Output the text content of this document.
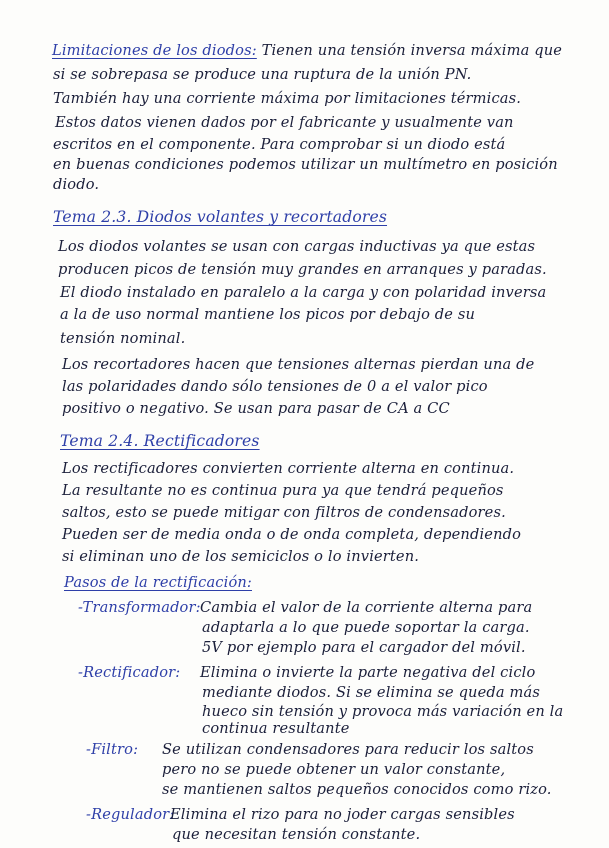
Limitaciones de los diodos: Tienen una tensión inversa máxima que
si se sobrepasa se produce una ruptura de la unión PN.
También hay una corriente máxima por limitaciones térmicas.
Estos datos vienen dados por el fabricante y usualmente van
escritos en el componente. Para comprobar si un diodo está
en buenas condiciones podemos utilizar un multímetro en posición
diodo.
Tema 2.3. Diodos volantes y recortadores
Los diodos volantes se usan con cargas inductivas ya que estas
producen picos de tensión muy grandes en arranques y paradas.
El diodo instalado en paralelo a la carga y con polaridad inversa
a la de uso normal mantiene los picos por debajo de su
tensión nominal.
Los recortadores hacen que tensiones alternas pierdan una de
las polaridades dando sólo tensiones de 0 a el valor pico
positivo o negativo. Se usan para pasar de CA a CC
Tema 2.4. Rectificadores
Los rectificadores convierten corriente alterna en continua.
La resultante no es continua pura ya que tendrá pequeños
saltos, esto se puede mitigar con filtros de condensadores.
Pueden ser de media onda o de onda completa, dependiendo
si eliminan uno de los semiciclos o lo invierten.
Pasos de la rectificación:
-Transformador:Cambia el valor de la corriente alterna para
adaptarla a lo que puede soportar la carga.
5V por ejemplo para el cargador del móvil.
-Rectificador: Elimina o invierte la parte negativa del ciclo
mediante diodos. Si se elimina se queda más
hueco sin tensión y provoca más variación en la
continua resultante
-Filtro: Se utilizan condensadores para reducir los saltos
pero no se puede obtener un valor constante,
se mantienen saltos pequeños conocidos como rizo.
-Regulador:Elimina el rizo para no joder cargas sensibles
que necesitan tensión constante.
